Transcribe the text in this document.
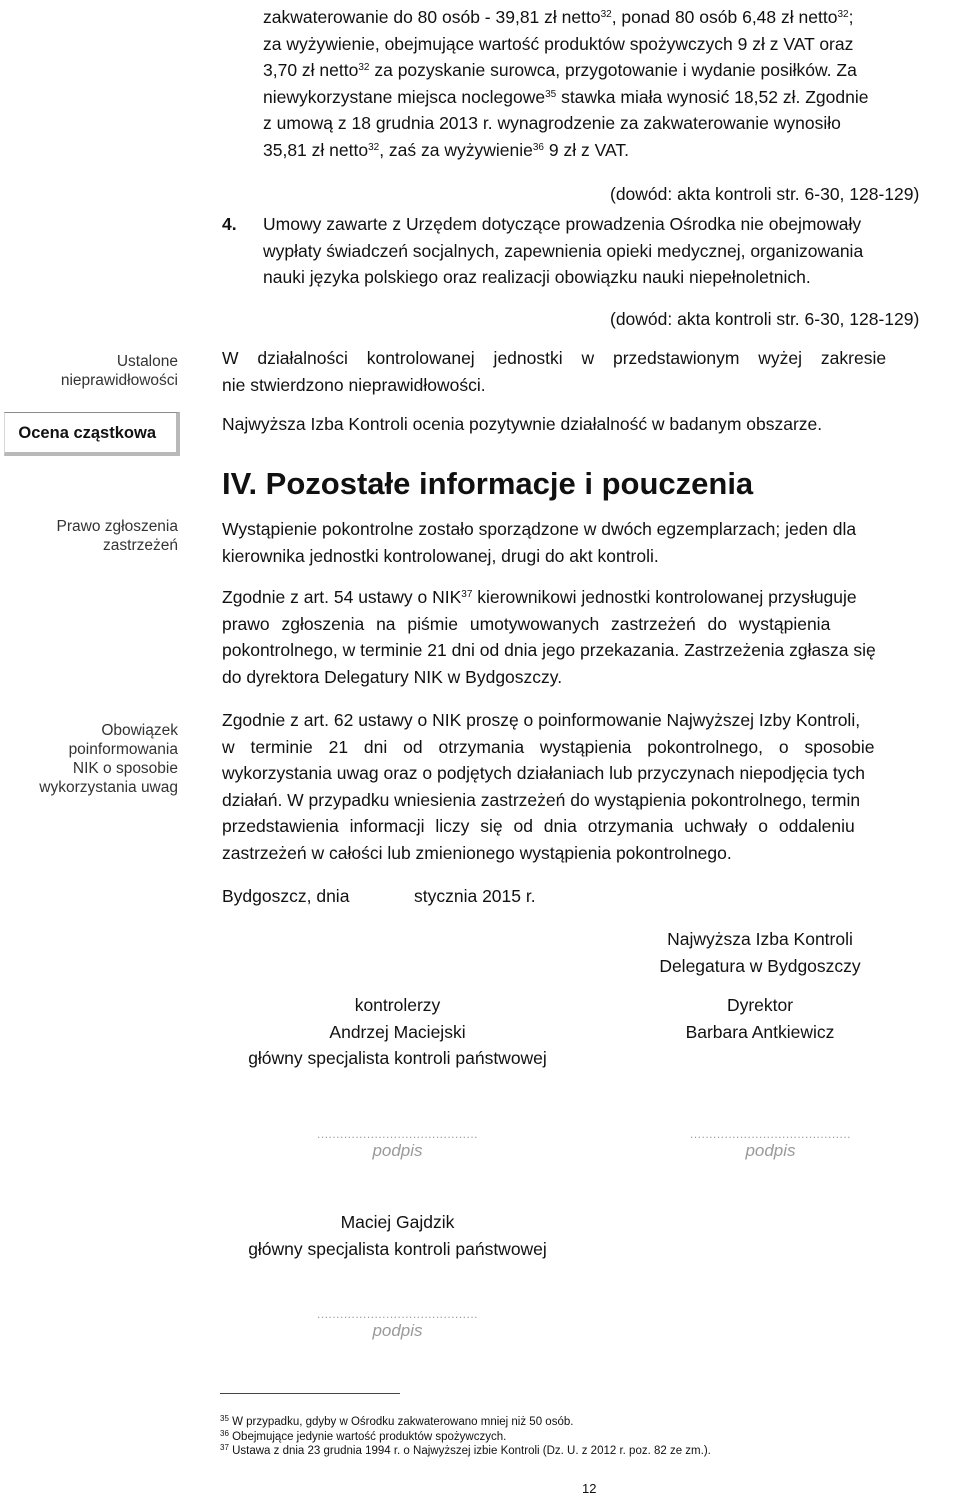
Ustalone
nieprawidłowości
Ocena cząstkowa
Prawo zgłoszenia
zastrzeżeń
Obowiązek
poinformowania
NIK o sposobie
wykorzystania uwag
zakwaterowanie do 80 osób - 39,81 zł netto$^{32}$, ponad 80 osób 6,48 zł netto$^{32}$;
za wyżywienie, obejmujące wartość produktów spożywczych 9 zł z VAT oraz
3,70 zł netto$^{32}$ za pozyskanie surowca, przygotowanie i wydanie posiłków. Za
niewykorzystane miejsca noclegowe$^{35}$ stawka miała wynosić 18,52 zł. Zgodnie
z umową z 18 grudnia 2013 r. wynagrodzenie za zakwaterowanie wynosiło
35,81 zł netto$^{32}$, zaś za wyżywienie$^{36}$ 9 zł z VAT.
(dowód: akta kontroli str. 6-30, 128-129)
4. Umowy zawarte z Urzędem dotyczące prowadzenia Ośrodka nie obejmowały
wypłaty świadczeń socjalnych, zapewnienia opieki medycznej, organizowania
nauki języka polskiego oraz realizacji obowiązku nauki niepełnoletnich.
(dowód: akta kontroli str. 6-30, 128-129)
W działalności kontrolowanej jednostki w przedstawionym wyżej zakresie
nie stwierdzono nieprawidłowości.
Najwyższa Izba Kontroli ocenia pozytywnie działalność w badanym obszarze.
IV. Pozostałe informacje i pouczenia
Wystąpienie pokontrolne zostało sporządzone w dwóch egzemplarzach; jeden dla
kierownika jednostki kontrolowanej, drugi do akt kontroli.
Zgodnie z art. 54 ustawy o NIK$^{37}$ kierownikowi jednostki kontrolowanej przysługuje
prawo zgłoszenia na piśmie umotywowanych zastrzeżeń do wystąpienia
pokontrolnego, w terminie 21 dni od dnia jego przekazania. Zastrzeżenia zgłasza się
do dyrektora Delegatury NIK w Bydgoszczy.
Zgodnie z art. 62 ustawy o NIK proszę o poinformowanie Najwyższej Izby Kontroli,
w terminie 21 dni od otrzymania wystąpienia pokontrolnego, o sposobie
wykorzystania uwag oraz o podjętych działaniach lub przyczynach niepodjęcia tych
działań. W przypadku wniesienia zastrzeżeń do wystąpienia pokontrolnego, termin
przedstawienia informacji liczy się od dnia otrzymania uchwały o oddaleniu
zastrzeżeń w całości lub zmienionego wystąpienia pokontrolnego.
Bydgoszcz, dnia	stycznia 2015 r.
Najwyższa Izba Kontroli
Delegatura w Bydgoszczy
kontrolerzy
Andrzej Maciejski
główny specjalista kontroli państwowej
Dyrektor
Barbara Antkiewicz
..........................................
podpis
..........................................
podpis
Maciej Gajdzik
główny specjalista kontroli państwowej
..........................................
podpis
$^{35}$ W przypadku, gdyby w Ośrodku zakwaterowano mniej niż 50 osób.
$^{36}$ Obejmujące jedynie wartość produktów spożywczych.
$^{37}$ Ustawa z dnia 23 grudnia 1994 r. o Najwyższej izbie Kontroli (Dz. U. z 2012 r. poz. 82 ze zm.).
12
